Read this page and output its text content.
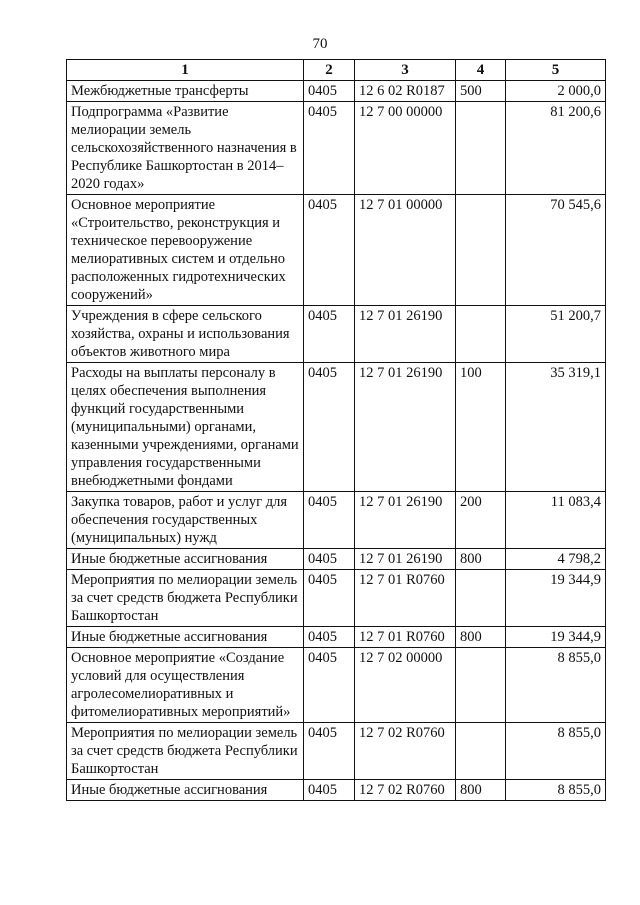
70
1	2	3	4	5
Межбюджетные трансферты	0405	12 6 02 R0187	500	2 000,0
Подпрограмма «Развитие мелиорации земель сельскохозяйственного назначения в Республике Башкортостан в 2014–2020 годах»	0405	12 7 00 00000		81 200,6
Основное мероприятие «Строительство, реконструкция и техническое перевооружение мелиоративных систем и отдельно расположенных гидротехнических сооружений»	0405	12 7 01 00000		70 545,6
Учреждения в сфере сельского хозяйства, охраны и использования объектов животного мира	0405	12 7 01 26190		51 200,7
Расходы на выплаты персоналу в целях обеспечения выполнения функций государственными (муниципальными) органами, казенными учреждениями, органами управления государственными внебюджетными фондами	0405	12 7 01 26190	100	35 319,1
Закупка товаров, работ и услуг для обеспечения государственных (муниципальных) нужд	0405	12 7 01 26190	200	11 083,4
Иные бюджетные ассигнования	0405	12 7 01 26190	800	4 798,2
Мероприятия по мелиорации земель за счет средств бюджета Республики Башкортостан	0405	12 7 01 R0760		19 344,9
Иные бюджетные ассигнования	0405	12 7 01 R0760	800	19 344,9
Основное мероприятие «Создание условий для осуществления агролесомелиоративных и фитомелиоративных мероприятий»	0405	12 7 02 00000		8 855,0
Мероприятия по мелиорации земель за счет средств бюджета Республики Башкортостан	0405	12 7 02 R0760		8 855,0
Иные бюджетные ассигнования	0405	12 7 02 R0760	800	8 855,0
